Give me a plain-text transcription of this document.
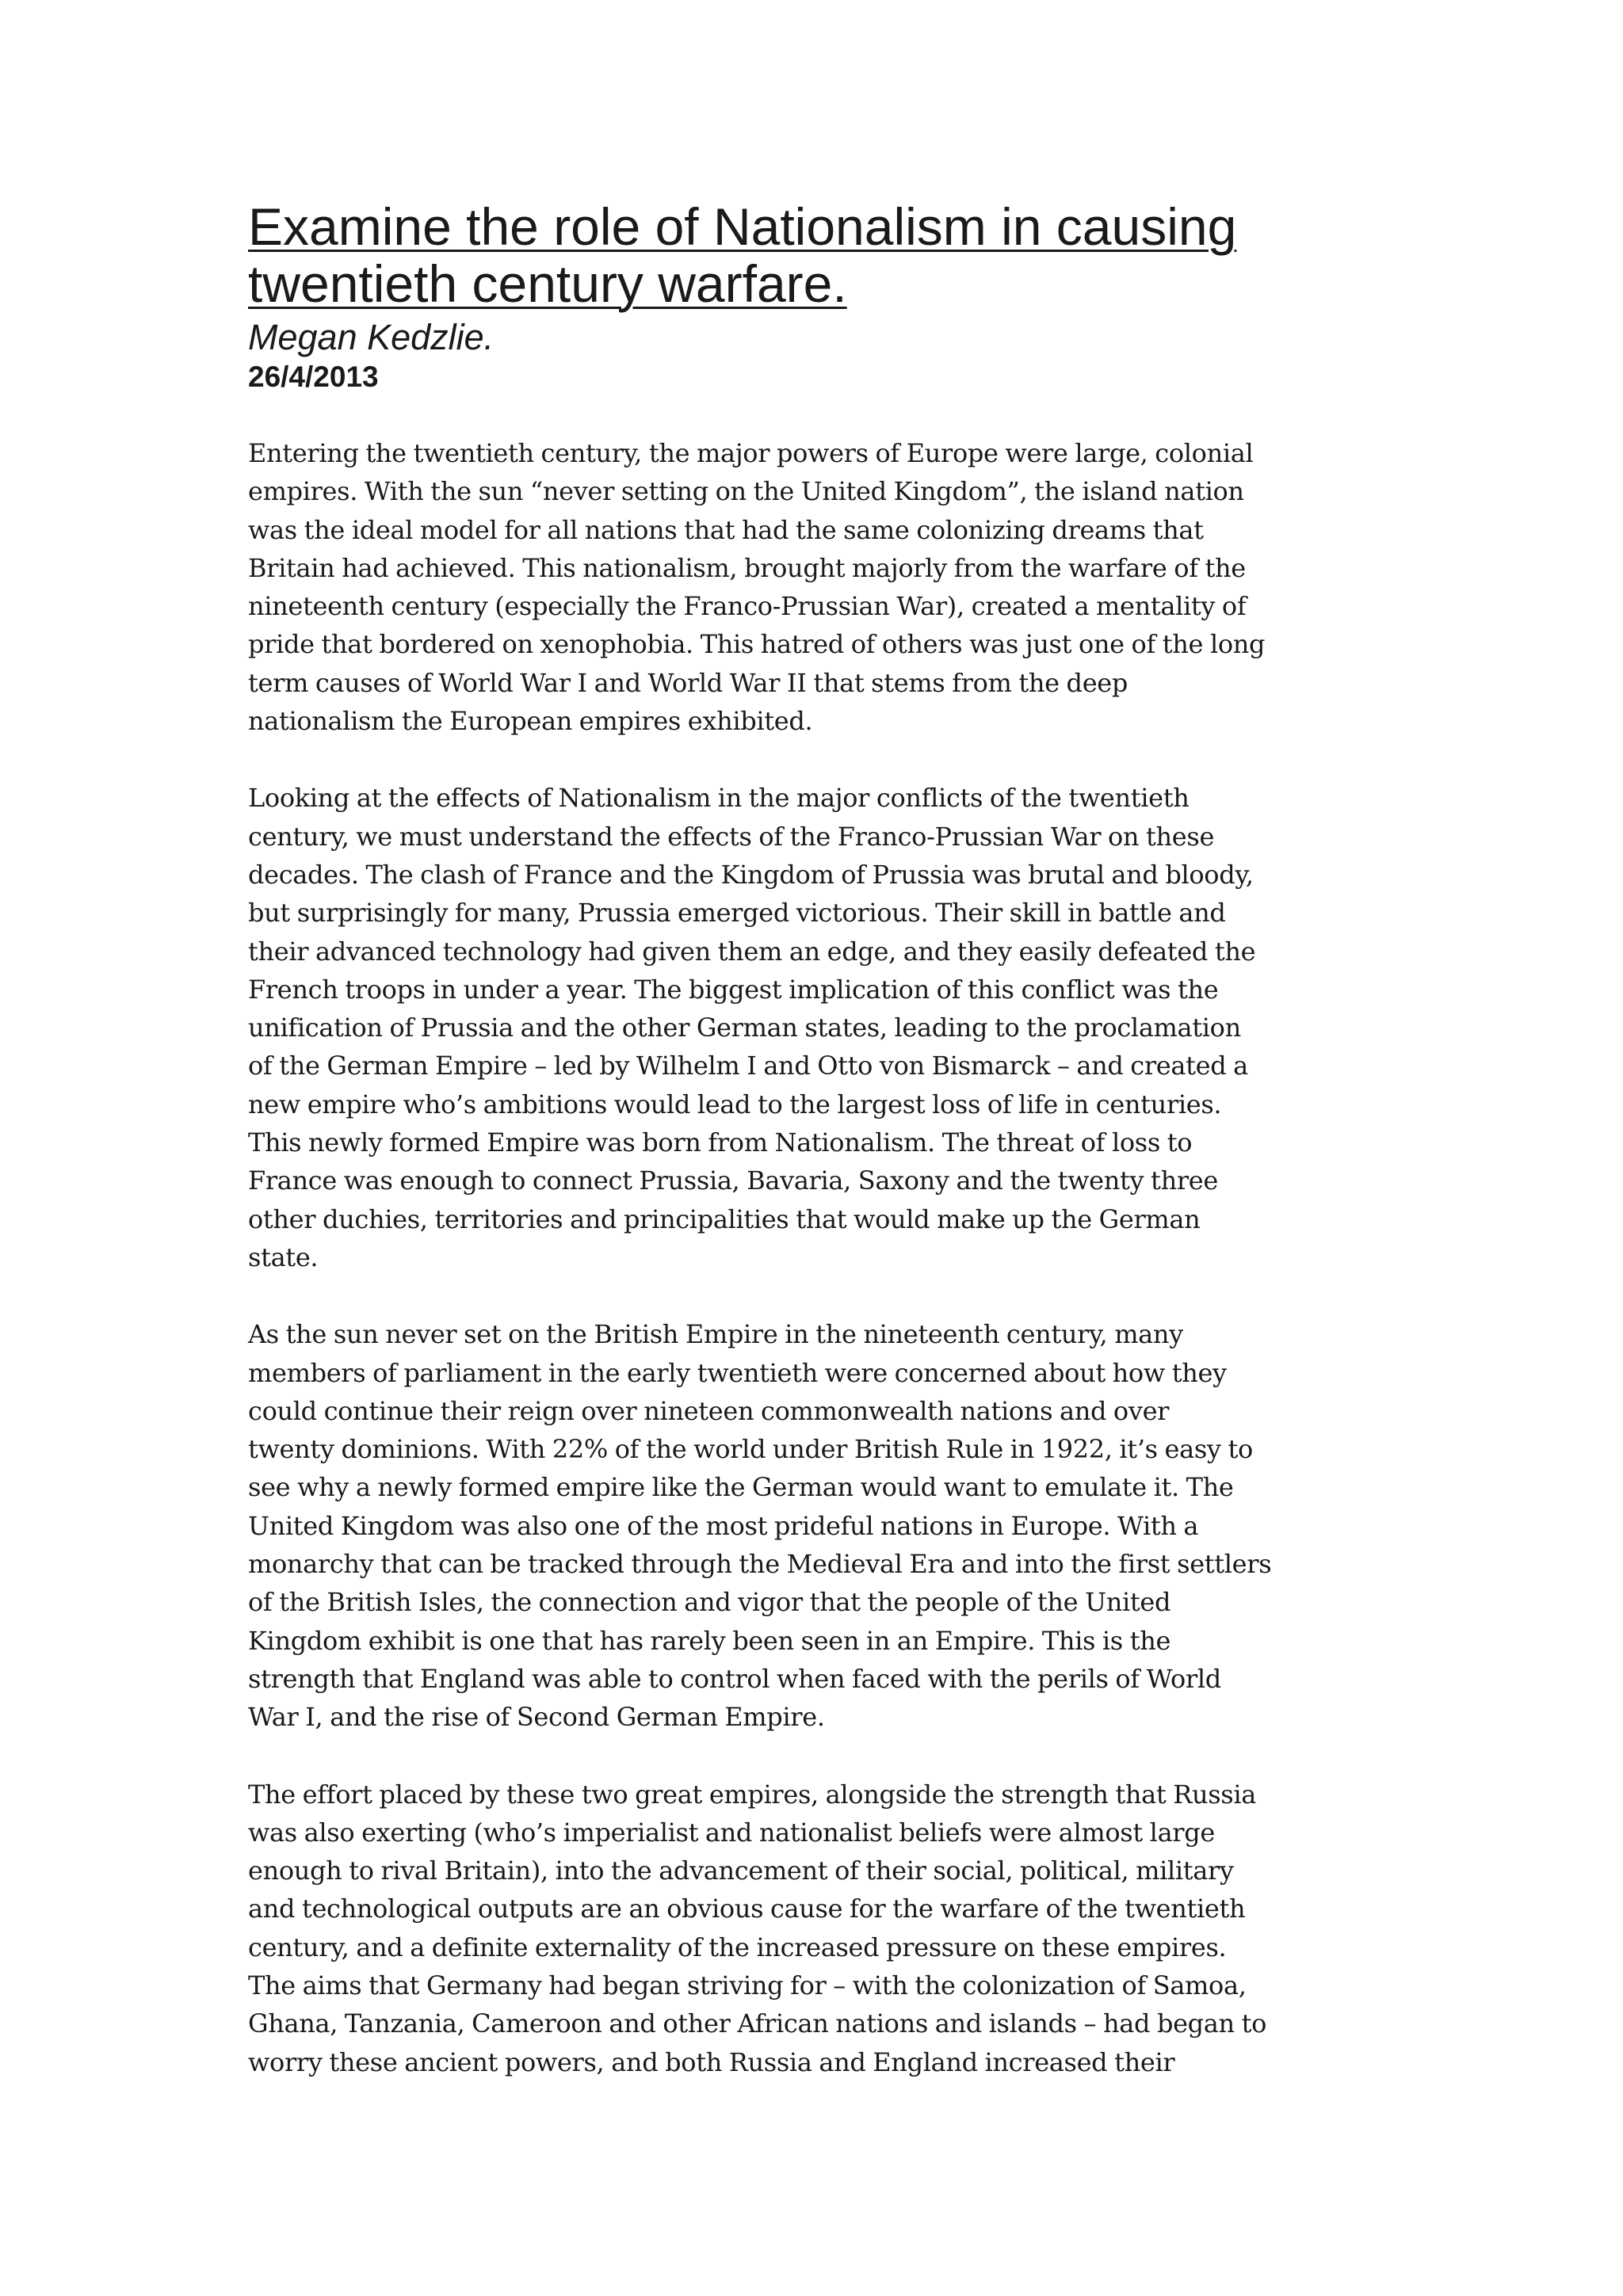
Examine the role of Nationalism in causing
twentieth century warfare.
Megan Kedzlie.
26/4/2013

Entering the twentieth century, the major powers of Europe were large, colonial
empires. With the sun “never setting on the United Kingdom”, the island nation
was the ideal model for all nations that had the same colonizing dreams that
Britain had achieved. This nationalism, brought majorly from the warfare of the
nineteenth century (especially the Franco-Prussian War), created a mentality of
pride that bordered on xenophobia. This hatred of others was just one of the long
term causes of World War I and World War II that stems from the deep
nationalism the European empires exhibited.

Looking at the effects of Nationalism in the major conflicts of the twentieth
century, we must understand the effects of the Franco-Prussian War on these
decades. The clash of France and the Kingdom of Prussia was brutal and bloody,
but surprisingly for many, Prussia emerged victorious. Their skill in battle and
their advanced technology had given them an edge, and they easily defeated the
French troops in under a year. The biggest implication of this conflict was the
unification of Prussia and the other German states, leading to the proclamation
of the German Empire – led by Wilhelm I and Otto von Bismarck – and created a
new empire who’s ambitions would lead to the largest loss of life in centuries.
This newly formed Empire was born from Nationalism. The threat of loss to
France was enough to connect Prussia, Bavaria, Saxony and the twenty three
other duchies, territories and principalities that would make up the German
state.

As the sun never set on the British Empire in the nineteenth century, many
members of parliament in the early twentieth were concerned about how they
could continue their reign over nineteen commonwealth nations and over
twenty dominions. With 22% of the world under British Rule in 1922, it’s easy to
see why a newly formed empire like the German would want to emulate it. The
United Kingdom was also one of the most prideful nations in Europe. With a
monarchy that can be tracked through the Medieval Era and into the first settlers
of the British Isles, the connection and vigor that the people of the United
Kingdom exhibit is one that has rarely been seen in an Empire. This is the
strength that England was able to control when faced with the perils of World
War I, and the rise of Second German Empire.

The effort placed by these two great empires, alongside the strength that Russia
was also exerting (who’s imperialist and nationalist beliefs were almost large
enough to rival Britain), into the advancement of their social, political, military
and technological outputs are an obvious cause for the warfare of the twentieth
century, and a definite externality of the increased pressure on these empires.
The aims that Germany had began striving for – with the colonization of Samoa,
Ghana, Tanzania, Cameroon and other African nations and islands – had began to
worry these ancient powers, and both Russia and England increased their
